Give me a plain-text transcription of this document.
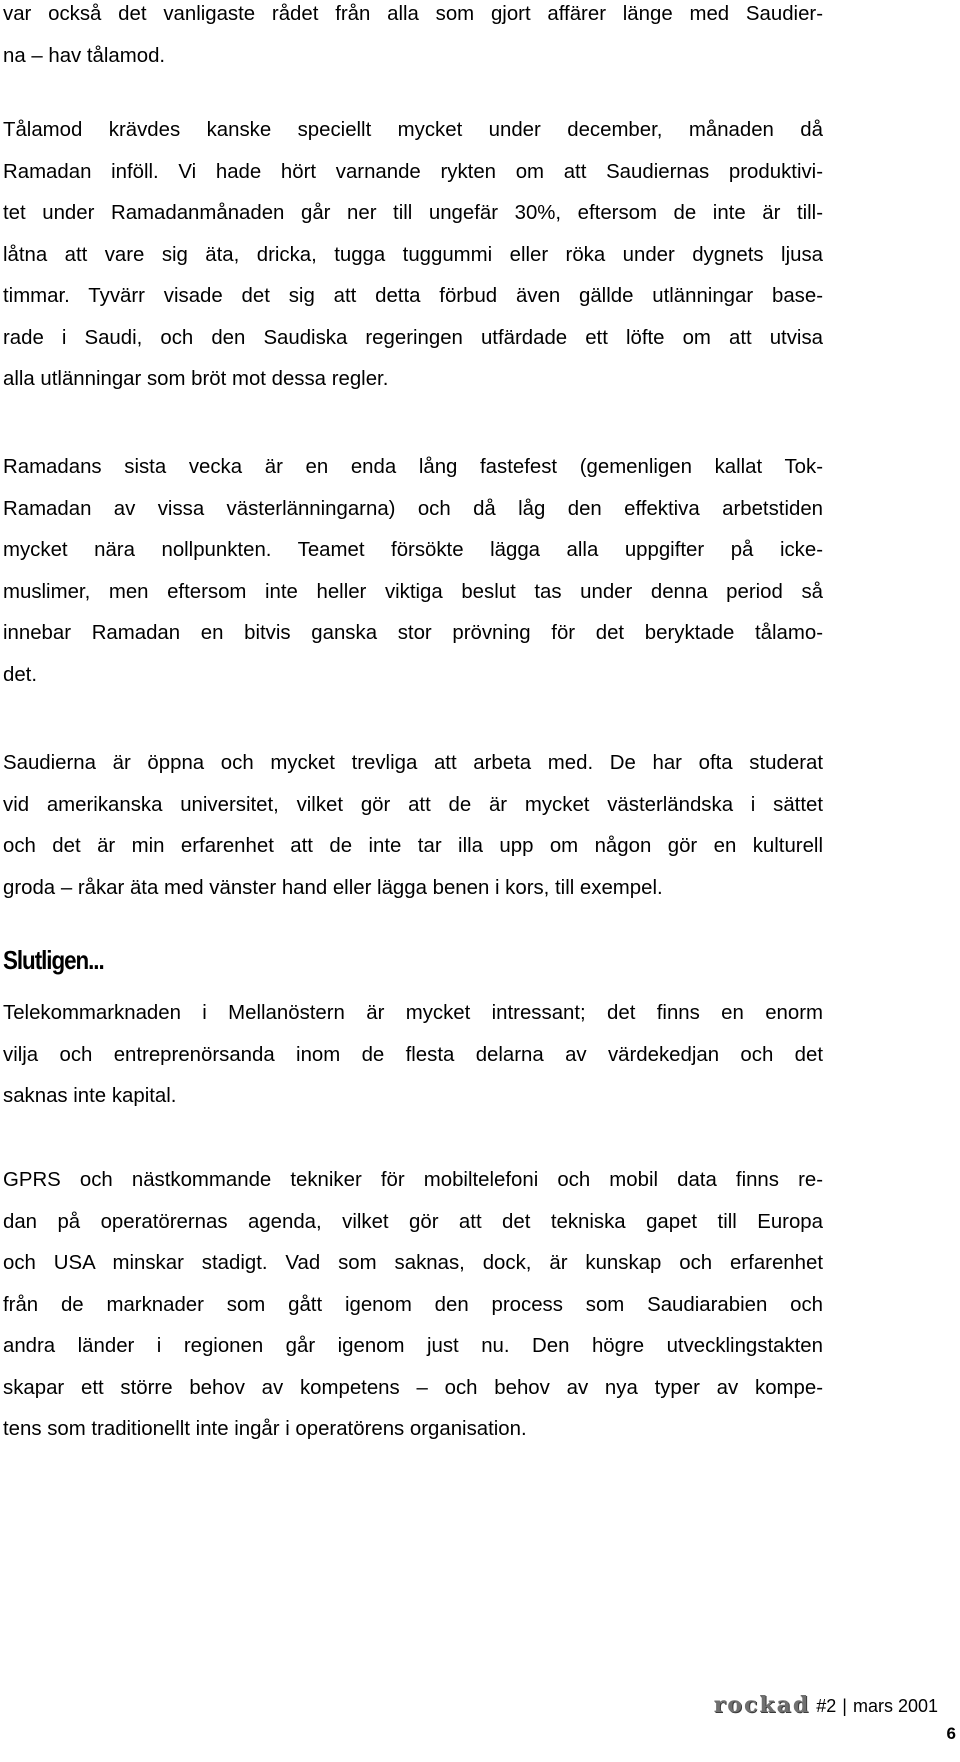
var också det vanligaste rådet från alla som gjort affärer länge med Saudier-
na – hav tålamod.
Tålamod krävdes kanske speciellt mycket under december, månaden då
Ramadan inföll. Vi hade hört varnande rykten om att Saudiernas produktivi-
tet under Ramadanmånaden går ner till ungefär 30%, eftersom de inte är till-
låtna att vare sig äta, dricka, tugga tuggummi eller röka under dygnets ljusa
timmar. Tyvärr visade det sig att detta förbud även gällde utlänningar base-
rade i Saudi, och den Saudiska regeringen utfärdade ett löfte om att utvisa
alla utlänningar som bröt mot dessa regler.
Ramadans sista vecka är en enda lång fastefest (gemenligen kallat Tok-
Ramadan av vissa västerlänningarna) och då låg den effektiva arbetstiden
mycket nära nollpunkten. Teamet försökte lägga alla uppgifter på icke-
muslimer, men eftersom inte heller viktiga beslut tas under denna period så
innebar Ramadan en bitvis ganska stor prövning för det beryktade tålamo-
det.
Saudierna är öppna och mycket trevliga att arbeta med. De har ofta studerat
vid amerikanska universitet, vilket gör att de är mycket västerländska i sättet
och det är min erfarenhet att de inte tar illa upp om någon gör en kulturell
groda – råkar äta med vänster hand eller lägga benen i kors, till exempel.
Slutligen...
Telekommarknaden i Mellanöstern är mycket intressant; det finns en enorm
vilja och entreprenörsanda inom de flesta delarna av värdekedjan och det
saknas inte kapital.
GPRS och nästkommande tekniker för mobiltelefoni och mobil data finns re-
dan på operatörernas agenda, vilket gör att det tekniska gapet till Europa
och USA minskar stadigt. Vad som saknas, dock, är kunskap och erfarenhet
från de marknader som gått igenom den process som Saudiarabien och
andra länder i regionen går igenom just nu. Den högre utvecklingstakten
skapar ett större behov av kompetens – och behov av nya typer av kompe-
tens som traditionellt inte ingår i operatörens organisation.
rockad #2 | mars 2001
6
